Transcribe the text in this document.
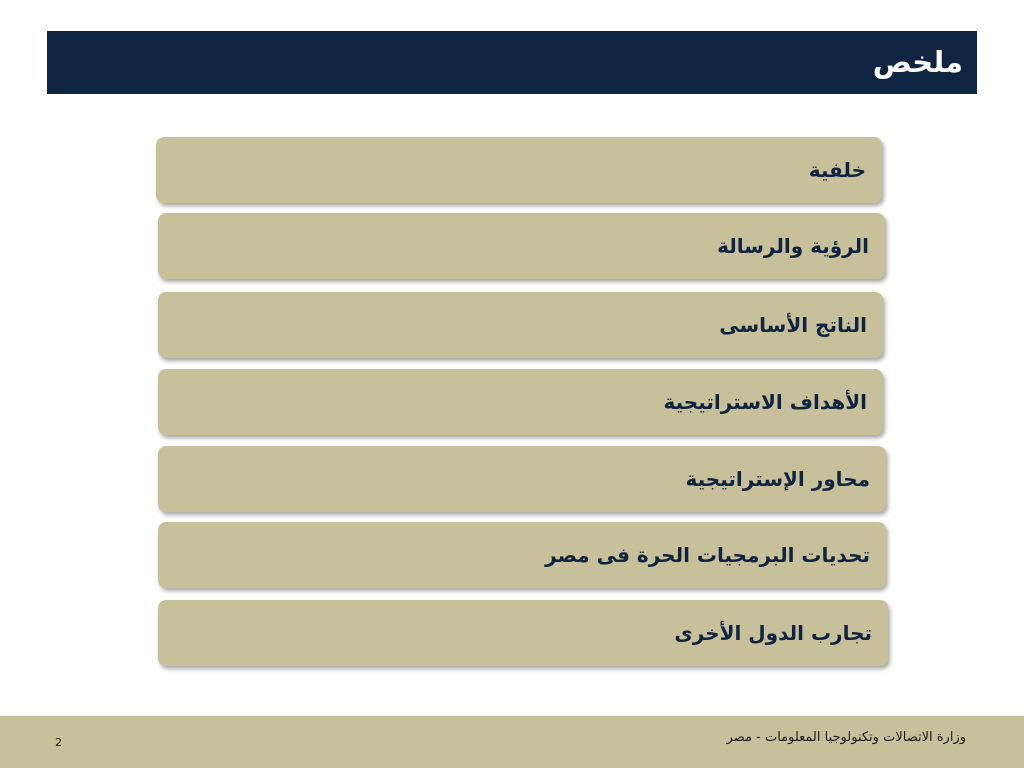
ملخص
خلفية
الرؤية والرسالة
الناتج الأساسى
الأهداف الاستراتيجية
محاور الإستراتيجية
تحديات البرمجيات الحرة فى مصر
تجارب الدول الأخرى
2	وزارة الاتصالات وتكنولوجيا المعلومات - مصر
